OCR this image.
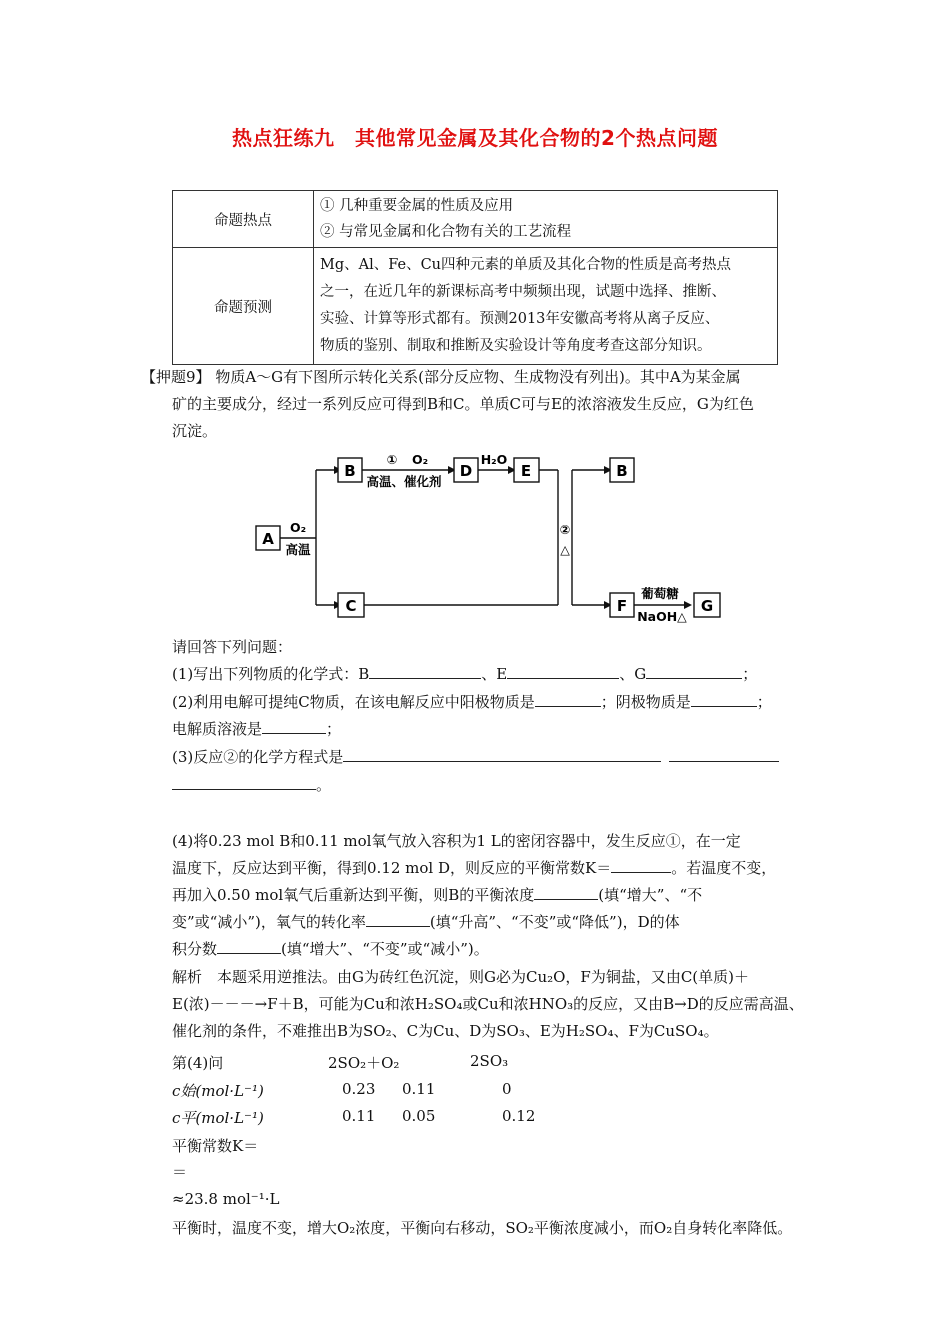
热点狂练九　其他常见金属及其化合物的2个热点问题
命题热点	① 几种重要金属的性质及应用
② 与常见金属和化合物有关的工艺流程

命题预测	Mg、Al、Fe、Cu四种元素的单质及其化合物的性质是高考热点
之一，在近几年的新课标高考中频频出现，试题中选择、推断、
实验、计算等形式都有。预测2013年安徽高考将从离子反应、
物质的鉴别、制取和推断及实验设计等角度考查这部分知识。
【押题9】 物质A～G有下图所示转化关系(部分反应物、生成物没有列出)。其中A为某金属
矿的主要成分，经过一系列反应可得到B和C。单质C可与E的浓溶液发生反应，G为红色
沉淀。
A
B	D	E	B
C	F	G
O₂
高温
① O₂
高温、催化剂
H₂O
②
△
葡萄糖
NaOH△
请回答下列问题：
(1)写出下列物质的化学式：B	、E	、G	；
(2)利用电解可提纯C物质，在该电解反应中阳极物质是	；阴极物质是	；
电解质溶液是	；
(3)反应②的化学方程式是
。
(4)将0.23 mol B和0.11 mol氧气放入容积为1 L的密闭容器中，发生反应①，在一定
温度下，反应达到平衡，得到0.12 mol D，则反应的平衡常数K＝	。若温度不变，
再加入0.50 mol氧气后重新达到平衡，则B的平衡浓度	(填“增大”、“不
变”或“减小”)，氧气的转化率	(填“升高”、“不变”或“降低”)，D的体
积分数	(填“增大”、“不变”或“减小”)。
解析　本题采用逆推法。由G为砖红色沉淀，则G必为Cu₂O，F为铜盐，又由C(单质)＋
E(浓)－－－→F＋B，可能为Cu和浓H₂SO₄或Cu和浓HNO₃的反应，又由B→D的反应需高温、
催化剂的条件，不难推出B为SO₂、C为Cu、D为SO₃、E为H₂SO₄、F为CuSO₄。
第(4)问	2SO₂＋O₂	2SO₃
c始(mol·L⁻¹)	0.23 0.11	0
c平(mol·L⁻¹)	0.11 0.05	0.12
平衡常数K＝
＝
≈23.8 mol⁻¹·L
平衡时，温度不变，增大O₂浓度，平衡向右移动，SO₂平衡浓度减小，而O₂自身转化率降低。
